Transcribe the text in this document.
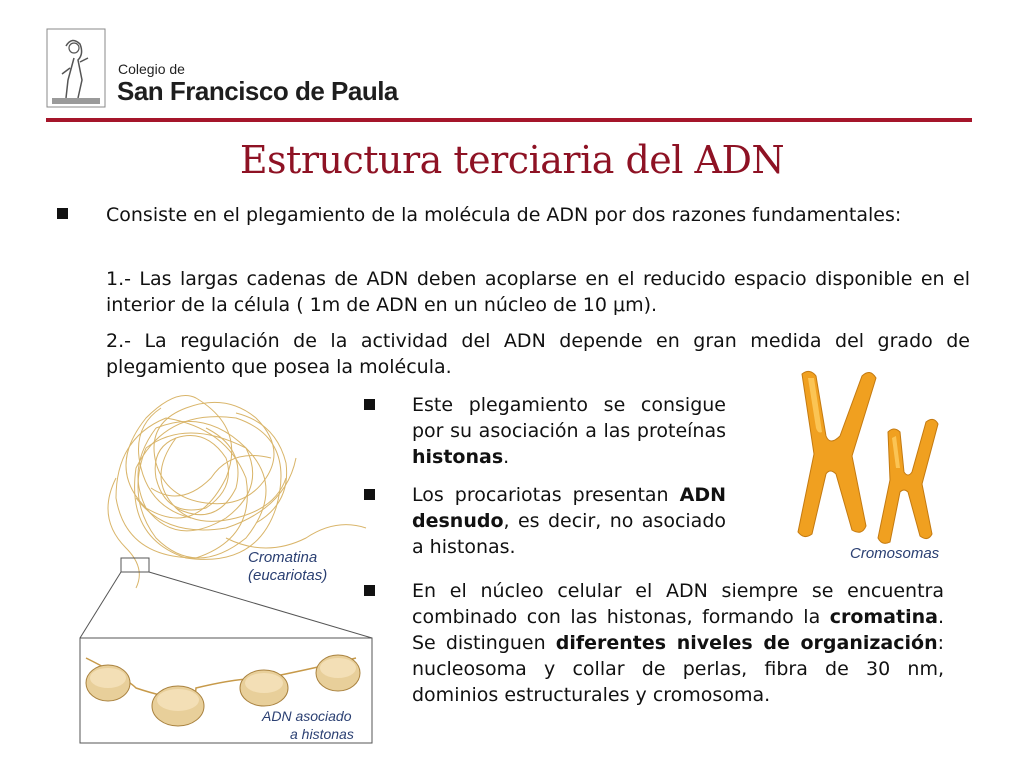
Colegio de
San Francisco de Paula
Estructura terciaria del ADN
Consiste en el plegamiento de la molécula de ADN por dos razones fundamentales:
1.- Las largas cadenas de ADN deben acoplarse en el reducido espacio disponible en el interior de la célula ( 1m de ADN en un núcleo de 10 μm).
2.- La regulación de la actividad del ADN depende en gran medida del grado de plegamiento que posea la molécula.
Cromatina
(eucariotas)
ADN asociado
a histonas
Cromosomas
Este plegamiento se consigue por su asociación a las proteínas histonas.
Los procariotas presentan ADN desnudo, es decir, no asociado a histonas.
En el núcleo celular el ADN siempre se encuentra combinado con las histonas, formando la cromatina. Se distinguen diferentes niveles de organización: nucleosoma y collar de perlas, fibra de 30 nm, dominios estructurales y cromosoma.
